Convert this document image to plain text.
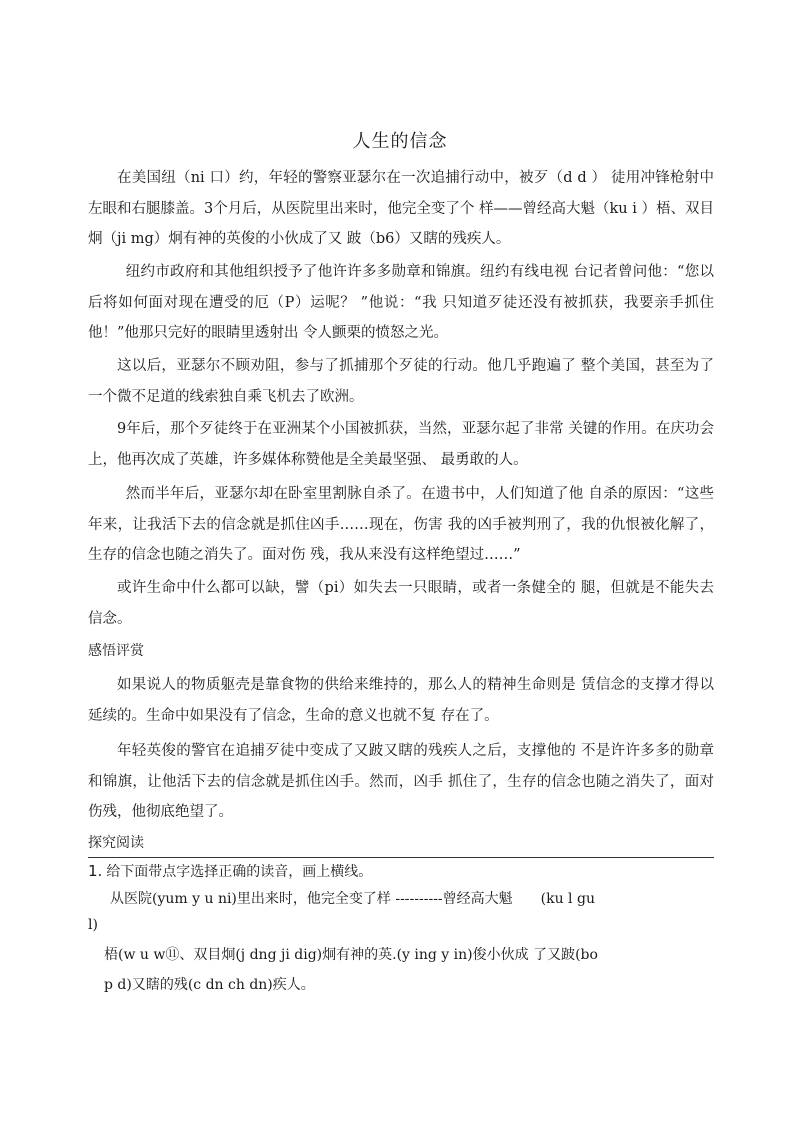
人生的信念
在美国纽（ni 口）约，年轻的警察亚瑟尔在一次追捕行动中，被歹（d d ） 徒用冲锋枪射中左眼和右腿膝盖。3个月后，从医院里出来时，他完全变了个 样——曾经高大魁（ku i ）梧、双目炯（ji mg）炯有神的英俊的小伙成了又 跛（b6）又瞎的残疾人。
纽约市政府和其他组织授予了他许许多多勋章和锦旗。纽约有线电视 台记者曾问他：“您以后将如何面对现在遭受的厄（P）运呢？ ”他说：“我 只知道歹徒还没有被抓获，我要亲手抓住他！”他那只完好的眼睛里透射出 令人颤栗的愤怒之光。
这以后，亚瑟尔不顾劝阻，参与了抓捕那个歹徒的行动。他几乎跑遍了 整个美国，甚至为了一个微不足道的线索独自乘飞机去了欧洲。
9年后，那个歹徒终于在亚洲某个小国被抓获，当然，亚瑟尔起了非常 关键的作用。在庆功会上，他再次成了英雄，许多媒体称赞他是全美最坚强、 最勇敢的人。
然而半年后，亚瑟尔却在卧室里割脉自杀了。在遗书中，人们知道了他 自杀的原因：“这些年来，让我活下去的信念就是抓住凶手……现在，伤害 我的凶手被判刑了，我的仇恨被化解了，生存的信念也随之消失了。面对伤 残，我从来没有这样绝望过……”
或许生命中什么都可以缺，譬（pi）如失去一只眼睛，或者一条健全的 腿，但就是不能失去信念。
感悟评赏
如果说人的物质躯壳是靠食物的供给来维持的，那么人的精神生命则是 赁信念的支撑才得以延续的。生命中如果没有了信念，生命的意义也就不复 存在了。
年轻英俊的警官在追捕歹徒中变成了又跛又瞎的残疾人之后，支撑他的 不是许许多多的勋章和锦旗，让他活下去的信念就是抓住凶手。然而，凶手 抓住了，生存的信念也随之消失了，面对伤残，他彻底绝望了。
探究阅读
1. 给下面带点字选择正确的读音，画上横线。
从医院(yum y u ni)里出来时，他完全变了样 ----------曾经高大魁　　(ku l gu
l)
梧(w u w⑪、双目炯(j dng ji dig)炯有神的英.(y ing y in)俊小伙成 了又跛(bo
p d)又瞎的残(c dn ch dn)疾人。
